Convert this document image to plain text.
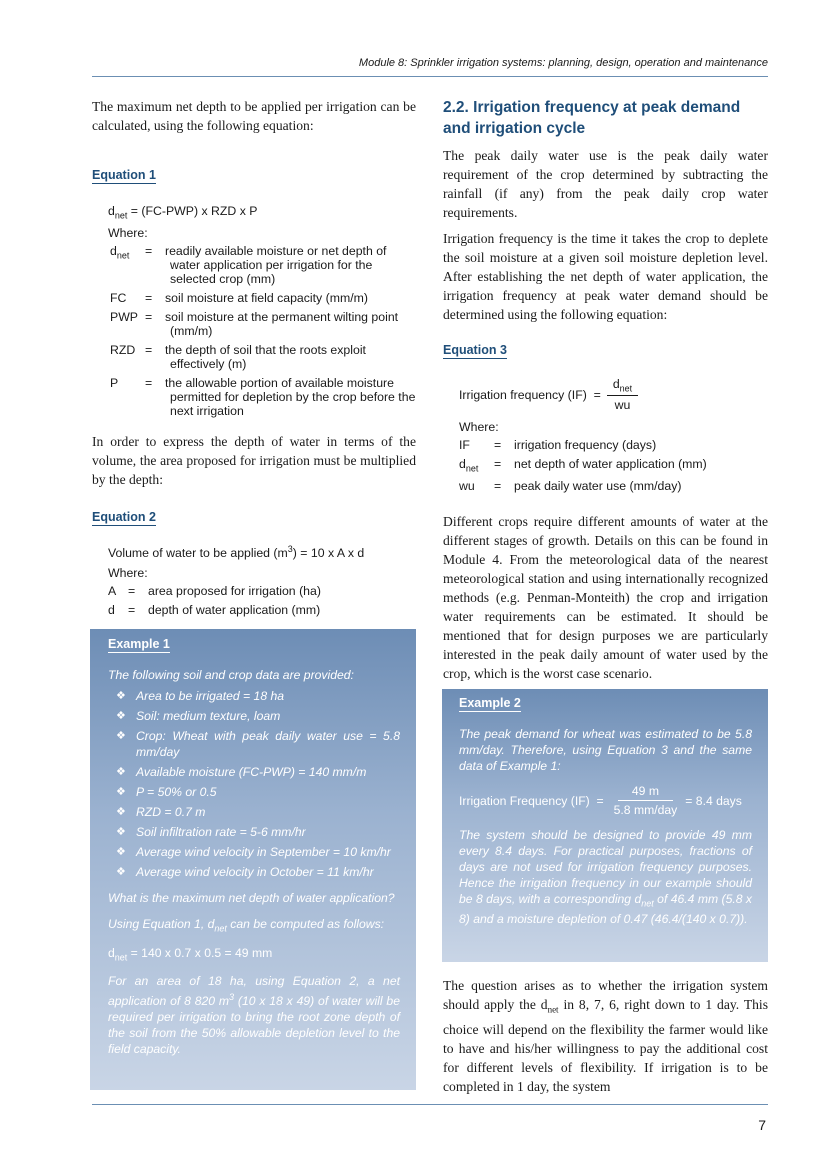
Module 8: Sprinkler irrigation systems: planning, design, operation and maintenance

The maximum net depth to be applied per irrigation can be calculated, using the following equation:

Equation 1
$d_{net} = (FC-PWP)$ x RZD x P
Where:
$d_{net}$	=	readily available moisture or net depth of water application per irrigation for the selected crop (mm)
FC	=	soil moisture at field capacity (mm/m)
PWP =	soil moisture at the permanent wilting point (mm/m)
RZD =	the depth of soil that the roots exploit effectively (m)
P	=	the allowable portion of available moisture permitted for depletion by the crop before the next irrigation

In order to express the depth of water in terms of the volume, the area proposed for irrigation must be multiplied by the depth:

Equation 2
Volume of water to be applied $(m^3) = 10$ x A x d
Where:
A =	area proposed for irrigation (ha)
d	=	depth of water application (mm)
Example 1
The following soil and crop data are provided:
❖ Area to be irrigated = 18 ha
❖ Soil: medium texture, loam
❖ Crop: Wheat with peak daily water use = 5.8 mm/day
❖ Available moisture (FC-PWP) = 140 mm/m
❖ P = 50% or 0.5
❖ RZD = 0.7 m
❖ Soil infiltration rate = 5-6 mm/hr
❖ Average wind velocity in September = 10 km/hr
❖ Average wind velocity in October = 11 km/hr
What is the maximum net depth of water application?
Using Equation 1, $d_{net}$ can be computed as follows:
$d_{net} = 140$ x 0.7 x 0.5 = 49 mm
For an area of 18 ha, using Equation 2, a net application of 8 820 $m^3$ (10 x 18 x 49) of water will be required per irrigation to bring the root zone depth of the soil from the 50% allowable depletion level to the field capacity.
2.2. Irrigation frequency at peak demand and irrigation cycle

The peak daily water use is the peak daily water requirement of the crop determined by subtracting the rainfall (if any) from the peak daily crop water requirements.

Irrigation frequency is the time it takes the crop to deplete the soil moisture at a given soil moisture depletion level. After establishing the net depth of water application, the irrigation frequency at peak water demand should be determined using the following equation:

Equation 3
Irrigation frequency $(IF) = \frac{d_{net}}{wu}$
Where:
IF	=	irrigation frequency (days)
$d_{net}$	=	net depth of water application (mm)
wu	=	peak daily water use (mm/day)

Different crops require different amounts of water at the different stages of growth. Details on this can be found in Module 4. From the meteorological data of the nearest meteorological station and using internationally recognized methods (e.g. Penman-Monteith) the crop and irrigation water requirements can be estimated. It should be mentioned that for design purposes we are particularly interested in the peak daily amount of water used by the crop, which is the worst case scenario.

Example 2
The peak demand for wheat was estimated to be 5.8 mm/day. Therefore, using Equation 3 and the same data of Example 1:
Irrigation Frequency $(IF) = \frac{49 m}{\text{5.8 mm/day}} = 8.4$ days
The system should be designed to provide 49 mm every 8.4 days. For practical purposes, fractions of days are not used for irrigation frequency purposes. Hence the irrigation frequency in our example should be 8 days, with a corresponding $d_{net}$ of 46.4 mm (5.8 x 8) and a moisture depletion of 0.47 (46.4/(140 x 0.7)).

The question arises as to whether the irrigation system should apply the $d_{net}$ in 8, 7, 6, right down to 1 day. This choice will depend on the flexibility the farmer would like to have and his/her willingness to pay the additional cost for different levels of flexibility. If irrigation is to be completed in 1 day, the system

7
